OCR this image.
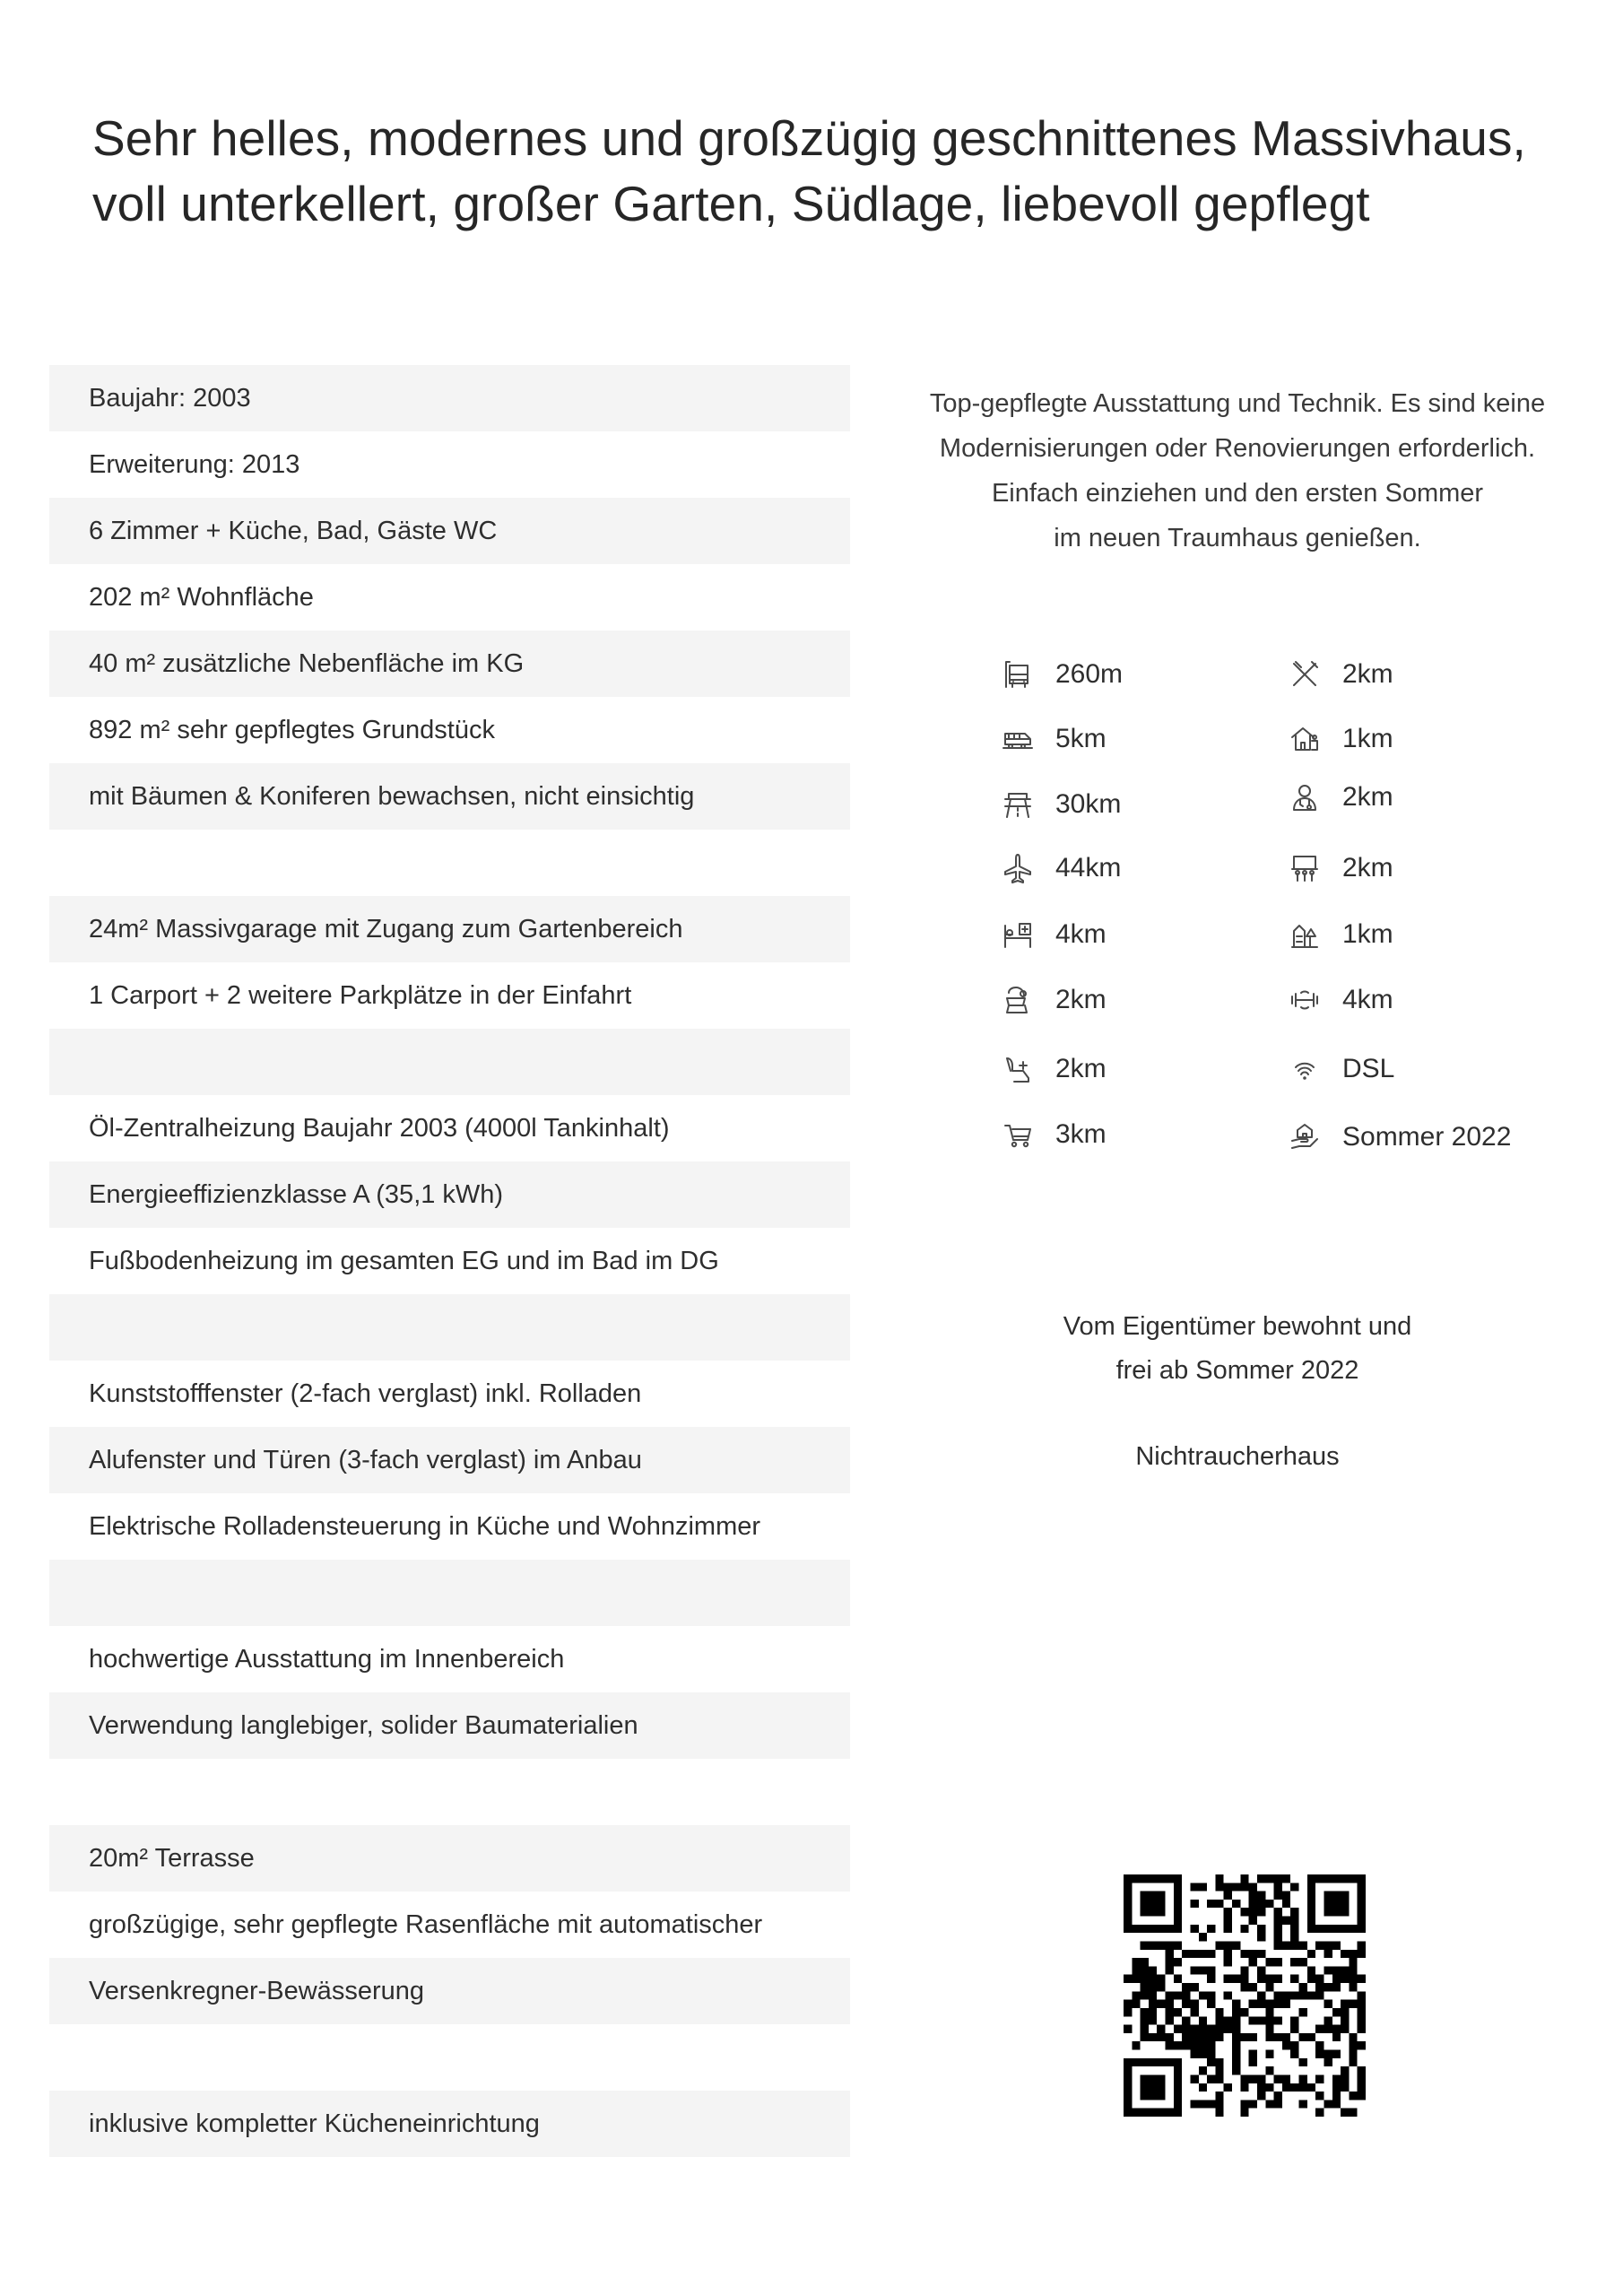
Sehr helles, modernes und großzügig geschnittenes Massivhaus,
voll unterkellert, großer Garten, Südlage, liebevoll gepflegt
Baujahr: 2003
Erweiterung: 2013
6 Zimmer + Küche, Bad, Gäste WC
202 m² Wohnfläche
40 m² zusätzliche Nebenfläche im KG
892 m² sehr gepflegtes Grundstück
mit Bäumen & Koniferen bewachsen, nicht einsichtig
24m² Massivgarage mit Zugang zum Gartenbereich
1 Carport + 2 weitere Parkplätze in der Einfahrt
Öl-Zentralheizung Baujahr 2003 (4000l Tankinhalt)
Energieeffizienzklasse A (35,1 kWh)
Fußbodenheizung im gesamten EG und im Bad im DG
Kunststofffenster (2-fach verglast) inkl. Rolladen
Alufenster und Türen (3-fach verglast) im Anbau
Elektrische Rolladensteuerung in Küche und Wohnzimmer
hochwertige Ausstattung im Innenbereich
Verwendung langlebiger, solider Baumaterialien
20m² Terrasse
großzügige, sehr gepflegte Rasenfläche mit automatischer
Versenkregner-Bewässerung
inklusive kompletter Kücheneinrichtung
Top-gepflegte Ausstattung und Technik. Es sind keine
Modernisierungen oder Renovierungen erforderlich.
Einfach einziehen und den ersten Sommer
im neuen Traumhaus genießen.
260m	2km
5km	1km
30km	2km
44km	2km
4km	1km
2km	4km
2km	DSL
3km	Sommer 2022
Vom Eigentümer bewohnt und
frei ab Sommer 2022
Nichtraucherhaus
